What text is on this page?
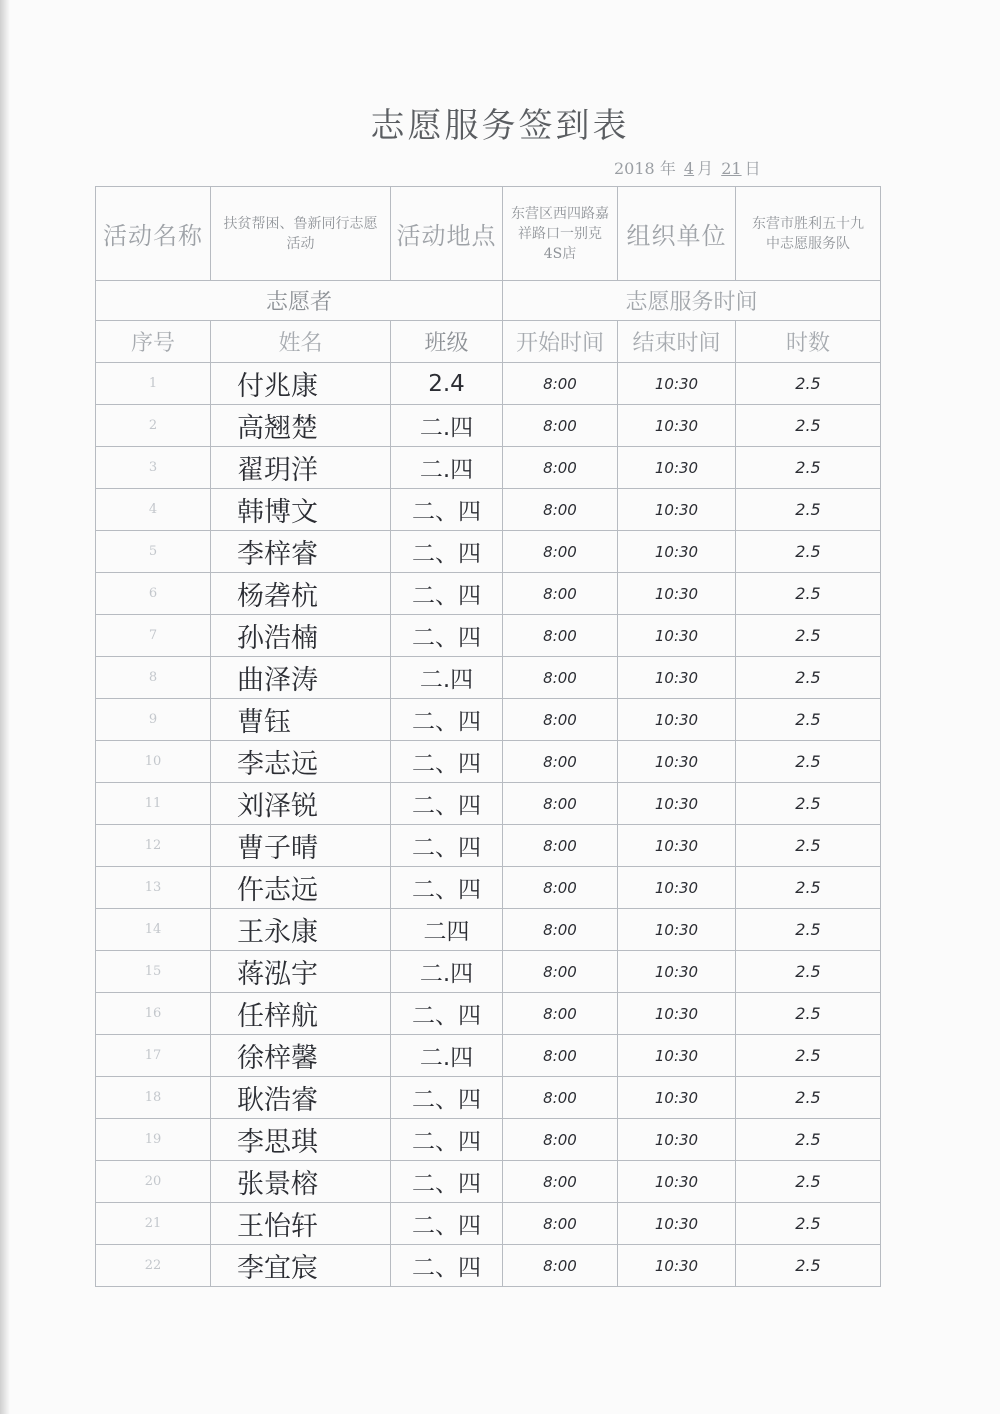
志愿服务签到表
2018 年 4 月 21 日
活动名称	扶贫帮困、鲁新同行志愿活动	活动地点	东营区西四路嘉祥路口一别克4S店	组织单位	东营市胜利五十九中志愿服务队
志愿者			志愿服务时间		
序号	姓名	班级	开始时间	结束时间	时数
1	付兆康	2.4	8:00	10:30	2.5
2	高翘楚	二.四	8:00	10:30	2.5
3	翟玥洋	二.四	8:00	10:30	2.5
4	韩博文	二、四	8:00	10:30	2.5
5	李梓睿	二、四	8:00	10:30	2.5
6	杨砻杭	二、四	8:00	10:30	2.5
7	孙浩楠	二、四	8:00	10:30	2.5
8	曲泽涛	二.四	8:00	10:30	2.5
9	曹钰	二、四	8:00	10:30	2.5
10	李志远	二、四	8:00	10:30	2.5
11	刘泽锐	二、四	8:00	10:30	2.5
12	曹子晴	二、四	8:00	10:30	2.5
13	仵志远	二、四	8:00	10:30	2.5
14	王永康	二四	8:00	10:30	2.5
15	蒋泓宇	二.四	8:00	10:30	2.5
16	任梓航	二、四	8:00	10:30	2.5
17	徐梓馨	二.四	8:00	10:30	2.5
18	耿浩睿	二、四	8:00	10:30	2.5
19	李思琪	二、四	8:00	10:30	2.5
20	张景榕	二、四	8:00	10:30	2.5
21	王怡轩	二、四	8:00	10:30	2.5
22	李宜宸	二、四	8:00	10:30	2.5
